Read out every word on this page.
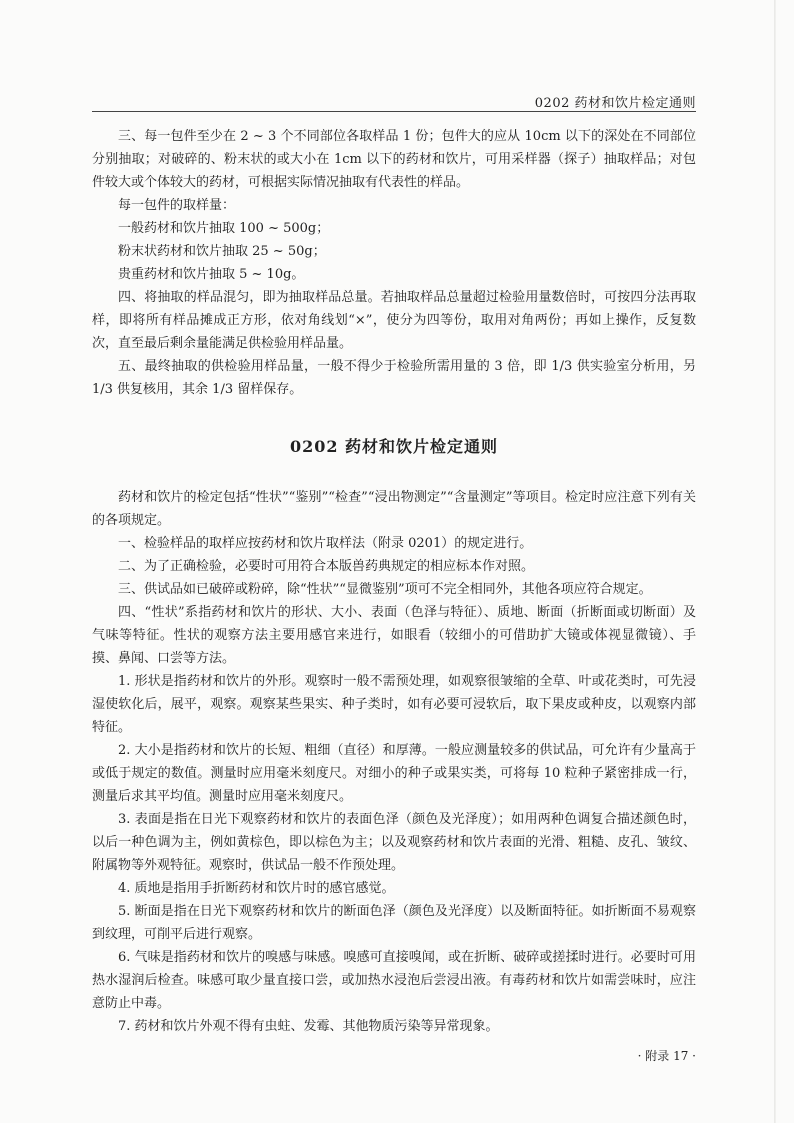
0202 药材和饮片检定通则

三、每一包件至少在 2 ~ 3 个不同部位各取样品 1 份；包件大的应从 10cm 以下的深处在不同部位分别抽取；对破碎的、粉末状的或大小在 1cm 以下的药材和饮片，可用采样器（探子）抽取样品；对包件较大或个体较大的药材，可根据实际情况抽取有代表性的样品。

每一包件的取样量：

一般药材和饮片抽取 100 ~ 500g；

粉末状药材和饮片抽取 25 ~ 50g；

贵重药材和饮片抽取 5 ~ 10g。

四、将抽取的样品混匀，即为抽取样品总量。若抽取样品总量超过检验用量数倍时，可按四分法再取样，即将所有样品摊成正方形，依对角线划“×”，使分为四等份，取用对角两份；再如上操作，反复数次，直至最后剩余量能满足供检验用样品量。

五、最终抽取的供检验用样品量，一般不得少于检验所需用量的 3 倍，即 1/3 供实验室分析用，另 1/3 供复核用，其余 1/3 留样保存。

0202 药材和饮片检定通则

药材和饮片的检定包括“性状”“鉴别”“检查”“浸出物测定”“含量测定”等项目。检定时应注意下列有关的各项规定。

一、检验样品的取样应按药材和饮片取样法（附录 0201）的规定进行。

二、为了正确检验，必要时可用符合本版兽药典规定的相应标本作对照。

三、供试品如已破碎或粉碎，除“性状”“显微鉴别”项可不完全相同外，其他各项应符合规定。

四、“性状”系指药材和饮片的形状、大小、表面（色泽与特征）、质地、断面（折断面或切断面）及气味等特征。性状的观察方法主要用感官来进行，如眼看（较细小的可借助扩大镜或体视显微镜）、手摸、鼻闻、口尝等方法。

1. 形状是指药材和饮片的外形。观察时一般不需预处理，如观察很皱缩的全草、叶或花类时，可先浸湿使软化后，展平，观察。观察某些果实、种子类时，如有必要可浸软后，取下果皮或种皮，以观察内部特征。

2. 大小是指药材和饮片的长短、粗细（直径）和厚薄。一般应测量较多的供试品，可允许有少量高于或低于规定的数值。测量时应用毫米刻度尺。对细小的种子或果实类，可将每 10 粒种子紧密排成一行，测量后求其平均值。测量时应用毫米刻度尺。

3. 表面是指在日光下观察药材和饮片的表面色泽（颜色及光泽度）；如用两种色调复合描述颜色时，以后一种色调为主，例如黄棕色，即以棕色为主；以及观察药材和饮片表面的光滑、粗糙、皮孔、皱纹、附属物等外观特征。观察时，供试品一般不作预处理。

4. 质地是指用手折断药材和饮片时的感官感觉。

5. 断面是指在日光下观察药材和饮片的断面色泽（颜色及光泽度）以及断面特征。如折断面不易观察到纹理，可削平后进行观察。

6. 气味是指药材和饮片的嗅感与味感。嗅感可直接嗅闻，或在折断、破碎或搓揉时进行。必要时可用热水湿润后检查。味感可取少量直接口尝，或加热水浸泡后尝浸出液。有毒药材和饮片如需尝味时，应注意防止中毒。

7. 药材和饮片外观不得有虫蛀、发霉、其他物质污染等异常现象。

· 附录 17 ·
